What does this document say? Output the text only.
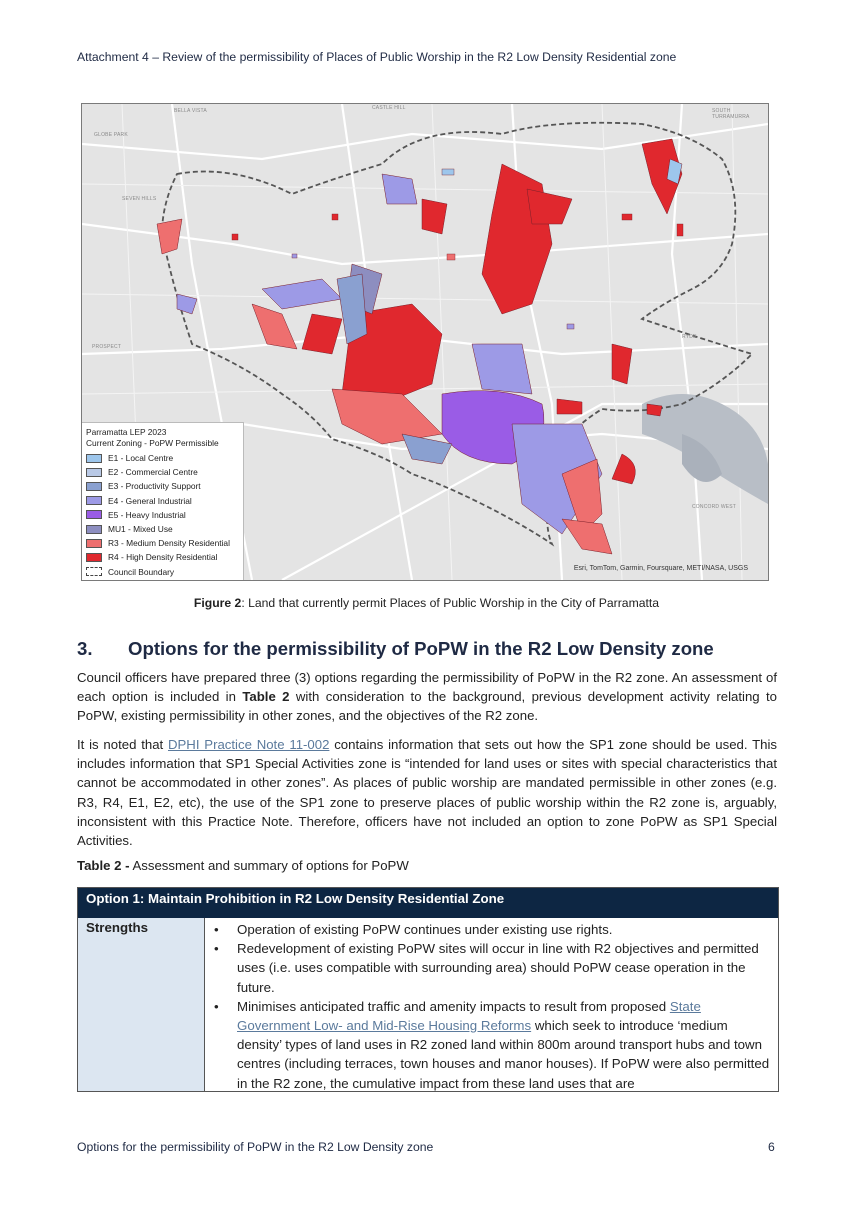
Attachment 4 – Review of the permissibility of Places of Public Worship in the R2 Low Density Residential zone
BELLA VISTA	CASTLE HILL	SOUTH TURRAMURRA
GLOBE PARK
SEVEN HILLS
RYDE
PROSPECT
CONCORD WEST
Parramatta LEP 2023
Current Zoning - PoPW Permissible
E1 - Local Centre
E2 - Commercial Centre
E3 - Productivity Support
E4 - General Industrial
E5 - Heavy Industrial
MU1 - Mixed Use
R3 - Medium Density Residential
R4 - High Density Residential
Council Boundary	Esri, TomTom, Garmin, Foursquare, METI/NASA, USGS
Figure 2: Land that currently permit Places of Public Worship in the City of Parramatta
3. Options for the permissibility of PoPW in the R2 Low Density zone
Council officers have prepared three (3) options regarding the permissibility of PoPW in the R2 zone. An assessment of each option is included in Table 2 with consideration to the background, previous development activity relating to PoPW, existing permissibility in other zones, and the objectives of the R2 zone.
It is noted that DPHI Practice Note 11-002 contains information that sets out how the SP1 zone should be used. This includes information that SP1 Special Activities zone is “intended for land uses or sites with special characteristics that cannot be accommodated in other zones”. As places of public worship are mandated permissible in other zones (e.g. R3, R4, E1, E2, etc), the use of the SP1 zone to preserve places of public worship within the R2 zone is, arguably, inconsistent with this Practice Note. Therefore, officers have not included an option to zone PoPW as SP1 Special Activities.
Table 2 - Assessment and summary of options for PoPW
Option 1: Maintain Prohibition in R2 Low Density Residential Zone
Strengths
•	Operation of existing PoPW continues under existing use rights.
• Redevelopment of existing PoPW sites will occur in line with R2 objectives and permitted uses (i.e. uses compatible with surrounding area) should PoPW cease operation in the future.
• Minimises anticipated traffic and amenity impacts to result from proposed State Government Low- and Mid-Rise Housing Reforms which seek to introduce ‘medium density’ types of land uses in R2 zoned land within 800m around transport hubs and town centres (including terraces, town houses and manor houses). If PoPW were also permitted in the R2 zone, the cumulative impact from these land uses that are
Options for the permissibility of PoPW in the R2 Low Density zone	6
